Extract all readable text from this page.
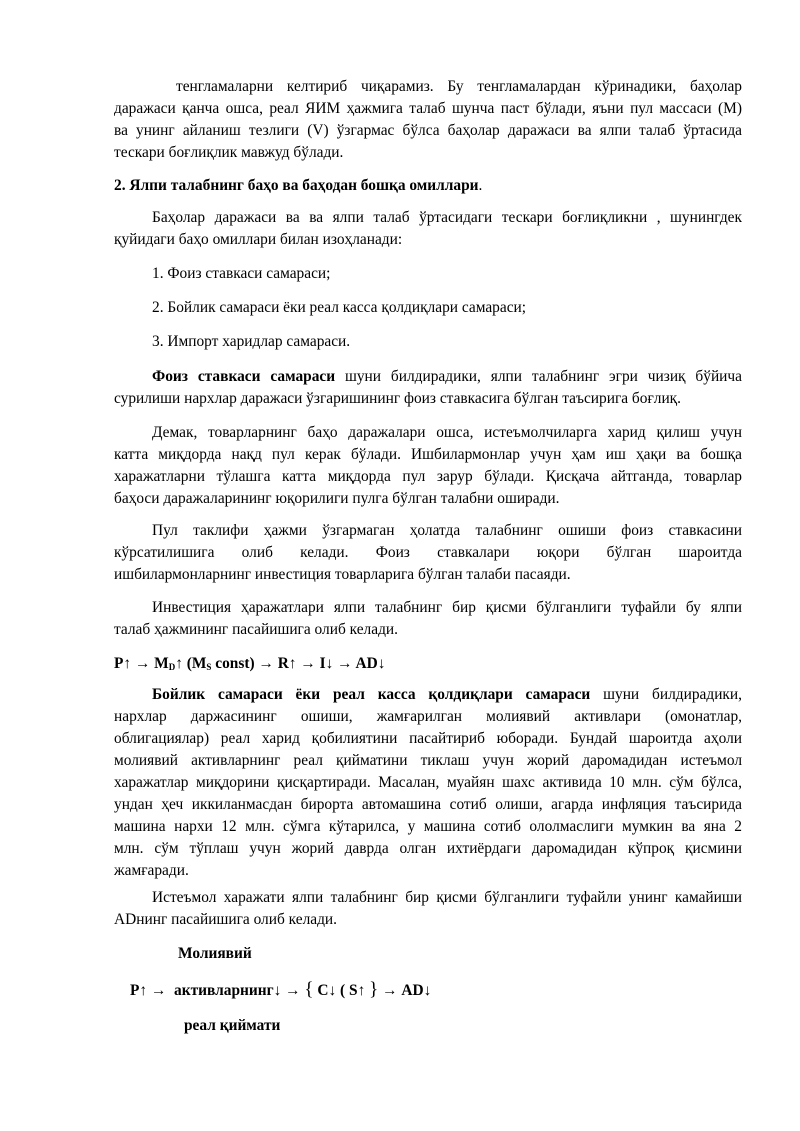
тенгламаларни келтириб чиқарамиз. Бу тенгламалардан кўринадики, баҳолар
даражаси қанча ошса, реал ЯИМ ҳажмига талаб шунча паст бўлади, яъни пул массаси (М)
ва унинг айланиш тезлиги (V) ўзгармас бўлса баҳолар даражаси ва ялпи талаб ўртасида
тескари боғлиқлик мавжуд бўлади.

2. Ялпи талабнинг баҳо ва баҳодан бошқа омиллари.

Баҳолар даражаси ва ва ялпи талаб ўртасидаги тескари боғлиқликни , шунингдек
қуйидаги баҳо омиллари билан изоҳланади:

1. Фоиз ставкаси самараси;

2. Бойлик самараси ёки реал касса қолдиқлари самараси;

3. Импорт харидлар самараси.

Фоиз ставкаси самараси шуни билдирадики, ялпи талабнинг эгри чизиқ бўйича
сурилиши нархлар даражаси ўзгаришининг фоиз ставкасига бўлган таъсирига боғлиқ.
Демак, товарларнинг баҳо даражалари ошса, истеъмолчиларга харид қилиш учун
катта миқдорда нақд пул керак бўлади. Ишбилармонлар учун ҳам иш ҳақи ва бошқа
харажатларни тўлашга катта миқдорда пул зарур бўлади. Қисқача айтганда, товарлар
баҳоси даражаларининг юқорилиги пулга бўлган талабни оширади.
Пул таклифи ҳажми ўзгармаган ҳолатда талабнинг ошиши фоиз ставкасини
кўрсатилишига олиб келади. Фоиз ставкалари юқори бўлган шароитда
ишбилармонларнинг инвестиция товарларига бўлган талаби пасаяди.
Инвестиция ҳаражатлари ялпи талабнинг бир қисми бўлганлиги туфайли бу ялпи
талаб ҳажмининг пасайишига олиб келади.

P↑ → $M_D↑$ ($M_S$ const) → R↑ → I↓ → AD↓

Бойлик самараси ёки реал касса қолдиқлари самараси шуни билдирадики,
нархлар даржасининг ошиши, жамғарилган молиявий активлари (омонатлар,
облигациялар) реал харид қобилиятини пасайтириб юборади. Бундай шароитда аҳоли
молиявий активларнинг реал қийматини тиклаш учун жорий даромадидан истеъмол
харажатлар миқдорини қисқартиради. Масалан, муайян шахс активида 10 млн. сўм бўлса,
ундан ҳеч иккиланмасдан бирорта автомашина сотиб олиши, агарда инфляция таъсирида
машина нархи 12 млн. сўмга кўтарилса, у машина сотиб ололмаслиги мумкин ва яна 2
млн. сўм тўплаш учун жорий даврда олган ихтиёрдаги даромадидан кўпроқ қисмини
жамғаради.
Истеъмол харажати ялпи талабнинг бир қисми бўлганлиги туфайли унинг камайиши
ADнинг пасайишига олиб келади.

Молиявий

P↑ → активларнинг↓ → { C↓ ( S↑ } → AD↓

реал қиймати
